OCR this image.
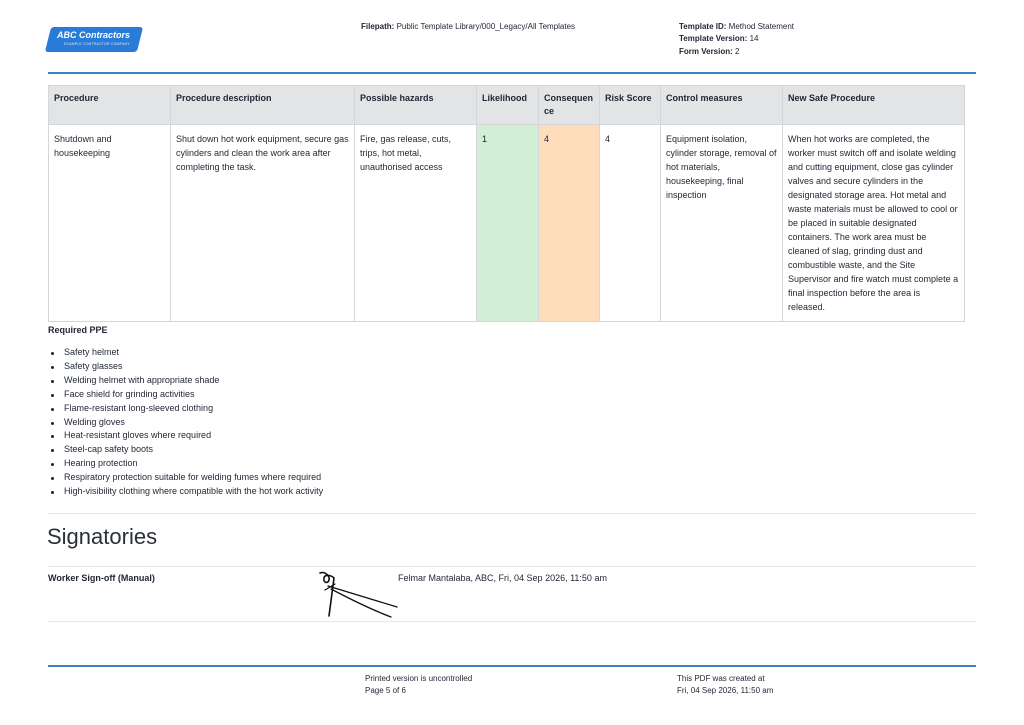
ABC Contractors
EXAMPLE CONTRACTOR COMPANY
Filepath: Public Template Library/000_Legacy/All Templates	Template ID: Method Statement
Template Version: 14
Form Version: 2
Procedure	Procedure description	Possible hazards	Likelihood	Consequen ce	Risk Score	Control measures	New Safe Procedure
Shutdown and housekeeping	Shut down hot work equipment, secure gas cylinders and clean the work area after completing the task.	Fire, gas release, cuts, trips, hot metal, unauthorised access	1	4	4	Equipment isolation, cylinder storage, removal of hot materials, housekeeping, final inspection	When hot works are completed, the worker must switch off and isolate welding and cutting equipment, close gas cylinder valves and secure cylinders in the designated storage area. Hot metal and waste materials must be allowed to cool or be placed in suitable designated containers. The work area must be cleaned of slag, grinding dust and combustible waste, and the Site Supervisor and fire watch must complete a final inspection before the area is released.
Required PPE
Safety helmet
Safety glasses
Welding helmet with appropriate shade
Face shield for grinding activities
Flame-resistant long-sleeved clothing
Welding gloves
Heat-resistant gloves where required
Steel-cap safety boots
Hearing protection
Respiratory protection suitable for welding fumes where required
High-visibility clothing where compatible with the hot work activity
Signatories
Worker Sign-off (Manual)	Felmar Mantalaba, ABC, Fri, 04 Sep 2026, 11:50 am
Printed version is uncontrolled
Page 5 of 6
This PDF was created at
Fri, 04 Sep 2026, 11:50 am
